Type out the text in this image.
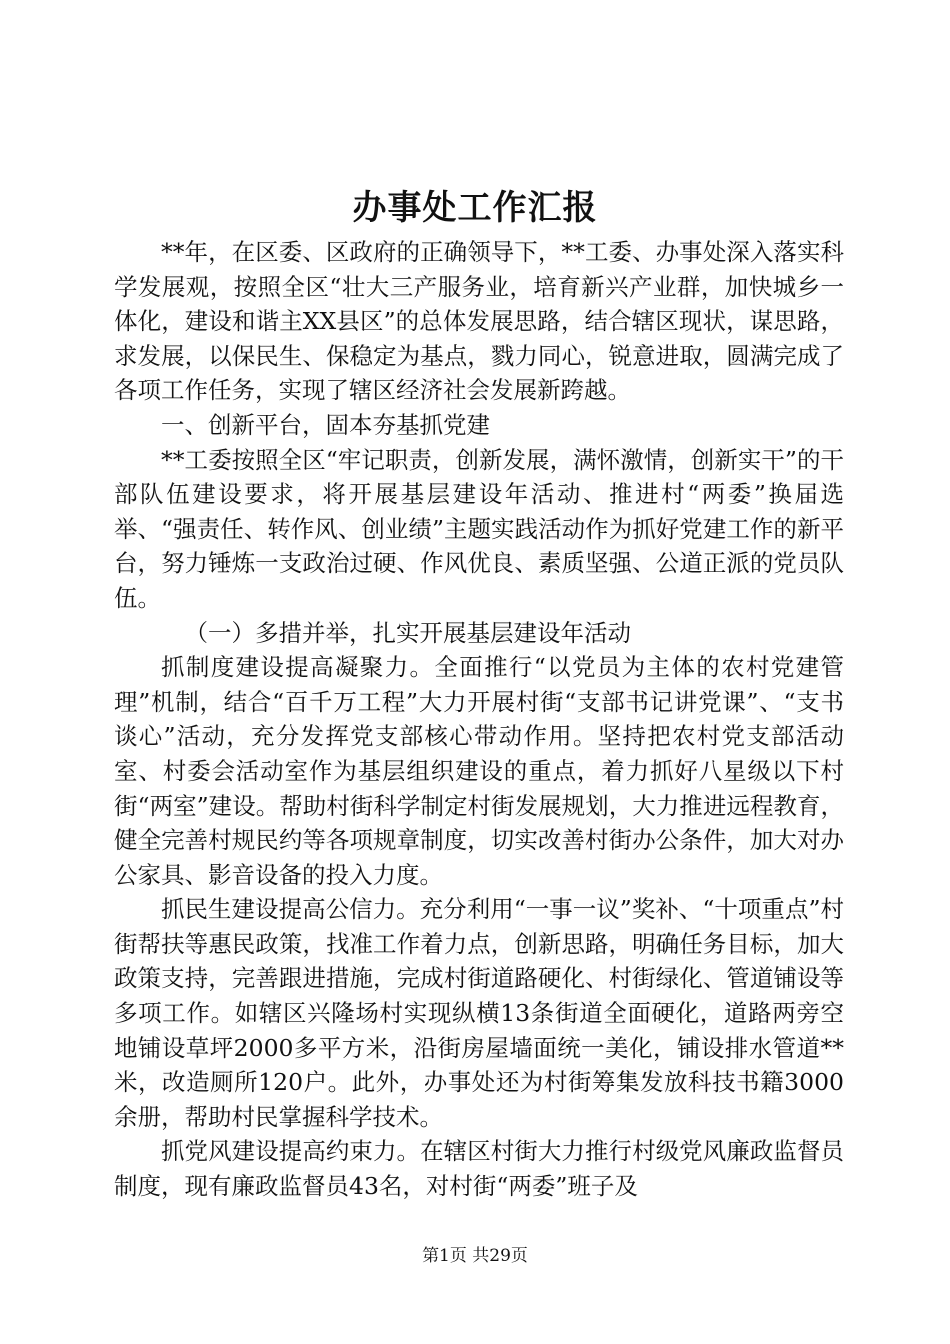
办事处工作汇报

**年，在区委、区政府的正确领导下，**工委、办事处深入落实科学发展观，按照全区“壮大三产服务业，培育新兴产业群，加快城乡一体化，建设和谐主XX县区”的总体发展思路，结合辖区现状，谋思路，求发展，以保民生、保稳定为基点，戮力同心，锐意进取，圆满完成了各项工作任务，实现了辖区经济社会发展新跨越。

一、创新平台，固本夯基抓党建

**工委按照全区“牢记职责，创新发展，满怀激情，创新实干”的干部队伍建设要求，将开展基层建设年活动、推进村“两委”换届选举、“强责任、转作风、创业绩”主题实践活动作为抓好党建工作的新平台，努力锤炼一支政治过硬、作风优良、素质坚强、公道正派的党员队伍。

（一）多措并举，扎实开展基层建设年活动

抓制度建设提高凝聚力。全面推行“以党员为主体的农村党建管理”机制，结合“百千万工程”大力开展村街“支部书记讲党课”、“支书谈心”活动，充分发挥党支部核心带动作用。坚持把农村党支部活动室、村委会活动室作为基层组织建设的重点，着力抓好八星级以下村街“两室”建设。帮助村街科学制定村街发展规划，大力推进远程教育，健全完善村规民约等各项规章制度，切实改善村街办公条件，加大对办公家具、影音设备的投入力度。

抓民生建设提高公信力。充分利用“一事一议”奖补、“十项重点”村街帮扶等惠民政策，找准工作着力点，创新思路，明确任务目标，加大政策支持，完善跟进措施，完成村街道路硬化、村街绿化、管道铺设等多项工作。如辖区兴隆场村实现纵横13条街道全面硬化，道路两旁空地铺设草坪2000多平方米，沿街房屋墙面统一美化，铺设排水管道**米，改造厕所120户。此外，办事处还为村街筹集发放科技书籍3000余册，帮助村民掌握科学技术。

抓党风建设提高约束力。在辖区村街大力推行村级党风廉政监督员制度，现有廉政监督员43名，对村街“两委”班子及

第1页 共29页
